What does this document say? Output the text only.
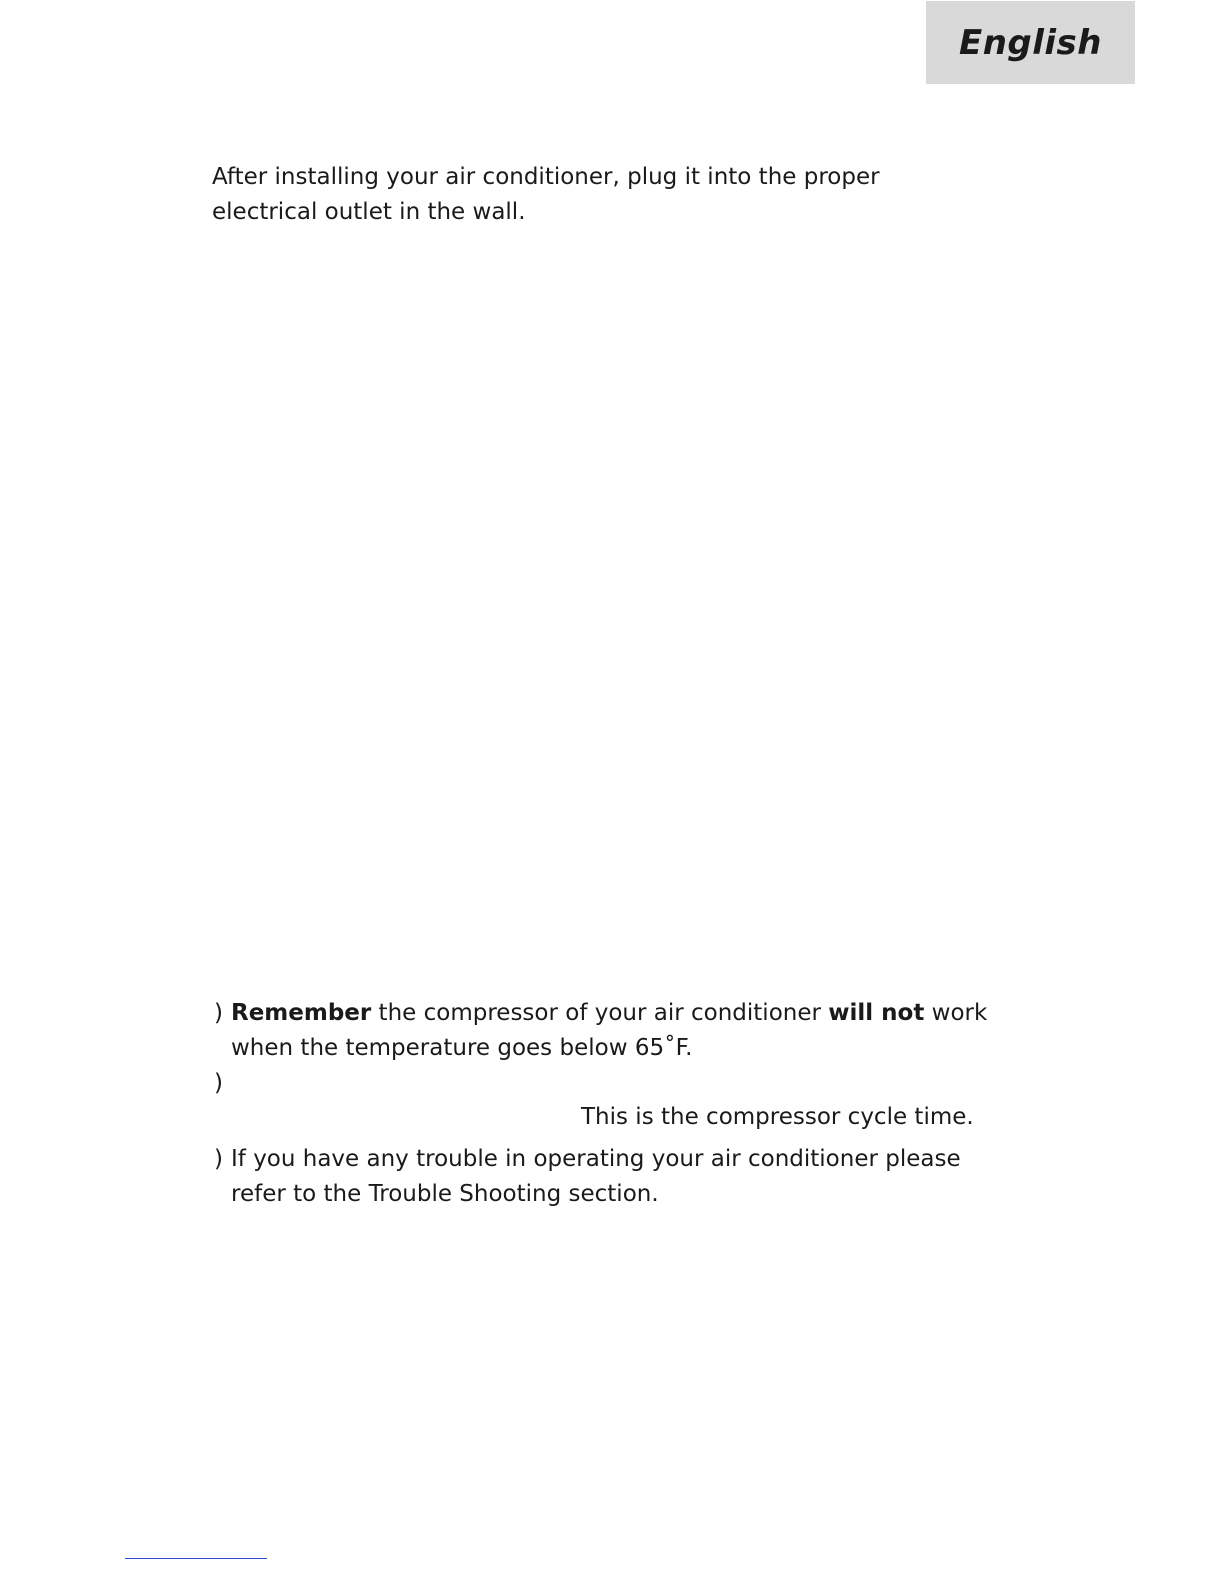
English

After installing your air conditioner, plug it into the proper electrical outlet in the wall.

) Remember the compressor of your air conditioner will not work when the temperature goes below 65˚F.
)
This is the compressor cycle time.
) If you have any trouble in operating your air conditioner please refer to the Trouble Shooting section.
